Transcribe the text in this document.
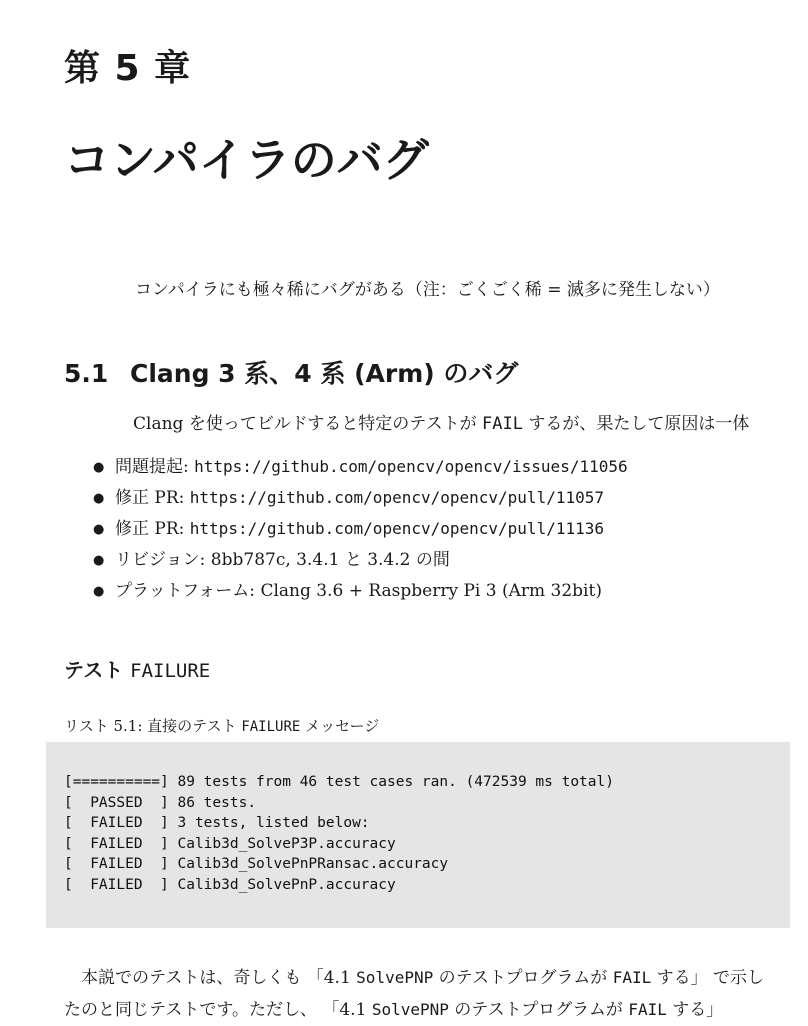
第 5 章
コンパイラのバグ
コンパイラにも極々稀にバグがある（注：ごくごく稀 = 滅多に発生しない）
5.1 Clang 3 系、4 系 (Arm) のバグ
Clang を使ってビルドすると特定のテストが FAIL するが、果たして原因は一体
● 問題提起: https://github.com/opencv/opencv/issues/11056
● 修正 PR: https://github.com/opencv/opencv/pull/11057
● 修正 PR: https://github.com/opencv/opencv/pull/11136
● リビジョン: 8bb787c, 3.4.1 と 3.4.2 の間
● プラットフォーム: Clang 3.6 + Raspberry Pi 3 (Arm 32bit)
テスト FAILURE
リスト 5.1: 直接のテスト FAILURE メッセージ
[==========] 89 tests from 46 test cases ran. (472539 ms total)
[  PASSED  ] 86 tests.
[  FAILED  ] 3 tests, listed below:
[  FAILED  ] Calib3d_SolveP3P.accuracy
[  FAILED  ] Calib3d_SolvePnPRansac.accuracy
[  FAILED  ] Calib3d_SolvePnP.accuracy
本説でのテストは、奇しくも 「4.1 SolvePNP のテストプログラムが FAIL する」 で示したのと同じテストです。ただし、 「4.1 SolvePNP のテストプログラムが FAIL する」
